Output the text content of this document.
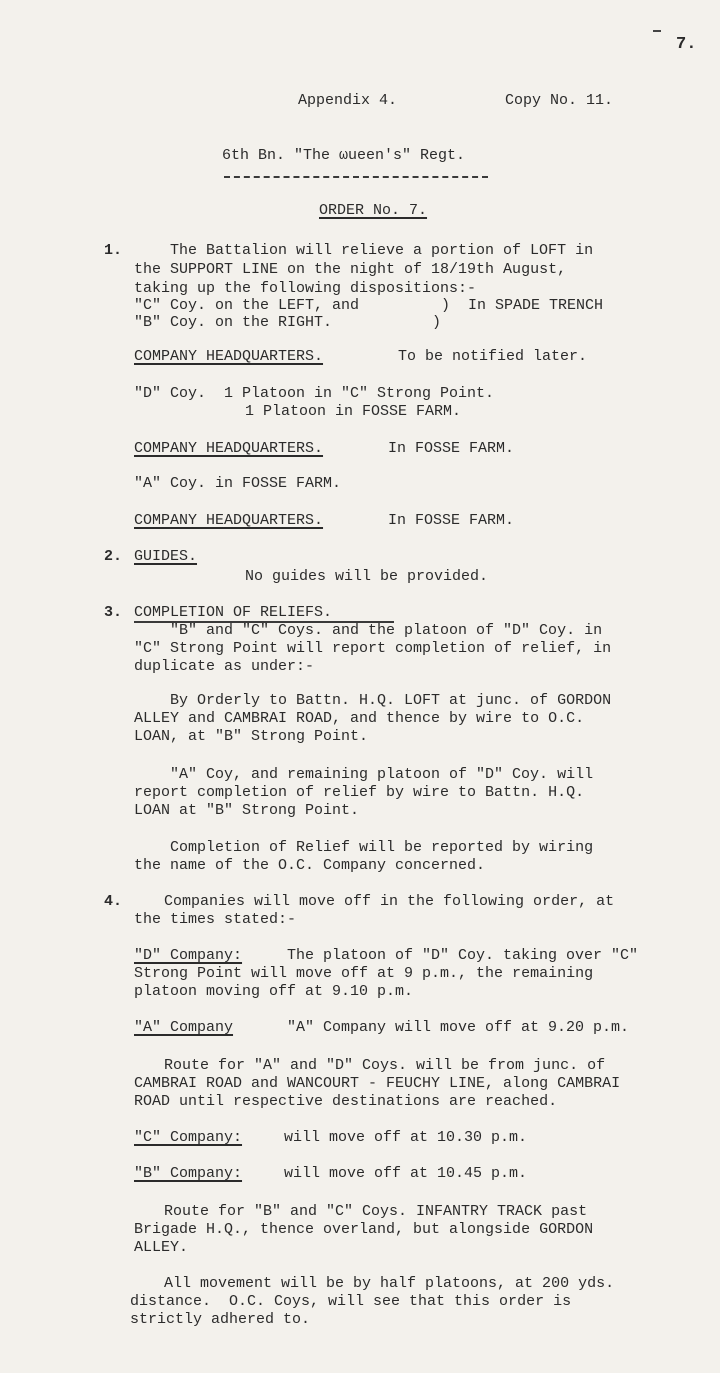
7.
Appendix 4.	Copy No. 11.
6th Bn. "The ωueen's" Regt.
ORDER No. 7.
1.	The Battalion will relieve a portion of LOFT in
the SUPPORT LINE on the night of 18/19th August,
taking up the following dispositions:-
"C" Coy. on the LEFT, and	)  In SPADE TRENCH
"B" Coy. on the RIGHT.	)
COMPANY HEADQUARTERS.	To be notified later.
"D" Coy.  1 Platoon in "C" Strong Point.
1 Platoon in FOSSE FARM.
COMPANY HEADQUARTERS.	In FOSSE FARM.
"A" Coy. in FOSSE FARM.
COMPANY HEADQUARTERS.	In FOSSE FARM.
2. GUIDES.
No guides will be provided.
3. COMPLETION OF RELIEFS.
"B" and "C" Coys. and the platoon of "D" Coy. in
"C" Strong Point will report completion of relief, in
duplicate as under:-
By Orderly to Battn. H.Q. LOFT at junc. of GORDON
ALLEY and CAMBRAI ROAD, and thence by wire to O.C.
LOAN, at "B" Strong Point.
"A" Coy, and remaining platoon of "D" Coy. will
report completion of relief by wire to Battn. H.Q.
LOAN at "B" Strong Point.
Completion of Relief will be reported by wiring
the name of the O.C. Company concerned.
4.	Companies will move off in the following order, at
the times stated:-
"D" Company:	The platoon of "D" Coy. taking over "C"
Strong Point will move off at 9 p.m., the remaining
platoon moving off at 9.10 p.m.
"A" Company	"A" Company will move off at 9.20 p.m.
Route for "A" and "D" Coys. will be from junc. of
CAMBRAI ROAD and WANCOURT - FEUCHY LINE, along CAMBRAI
ROAD until respective destinations are reached.
"C" Company:	will move off at 10.30 p.m.
"B" Company:	will move off at 10.45 p.m.
Route for "B" and "C" Coys. INFANTRY TRACK past
Brigade H.Q., thence overland, but alongside GORDON
ALLEY.
All movement will be by half platoons, at 200 yds.
distance.  O.C. Coys, will see that this order is
strictly adhered to.
